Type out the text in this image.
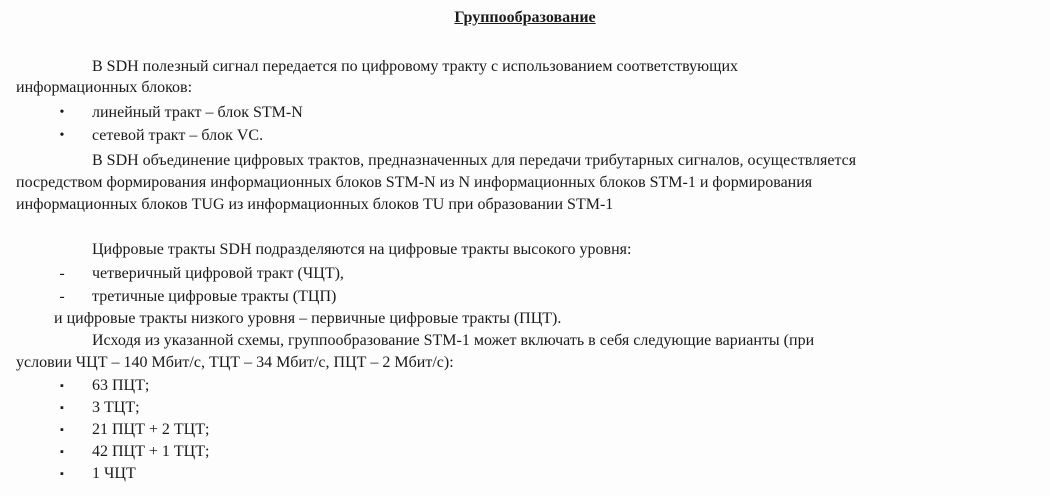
Группообразование
В SDH полезный сигнал передается по цифровому тракту с использованием соответствующих
информационных блоков:
• линейный тракт – блок STM-N
• сетевой тракт – блок VC.
В SDH объединение цифровых трактов, предназначенных для передачи трибутарных сигналов, осуществляется
посредством формирования информационных блоков STM-N из N информационных блоков STM-1 и формирования
информационных блоков TUG из информационных блоков TU при образовании STM-1
Цифровые тракты SDH подразделяются на цифровые тракты высокого уровня:
- четверичный цифровой тракт (ЧЦТ),
- третичные цифровые тракты (ТЦП)
и цифровые тракты низкого уровня – первичные цифровые тракты (ПЦТ).
Исходя из указанной схемы, группообразование STM-1 может включать в себя следующие варианты (при
условии ЧЦТ – 140 Мбит/с, ТЦТ – 34 Мбит/с, ПЦТ – 2 Мбит/с):
▪	63 ПЦТ;
▪	3 ТЦТ;
▪	21 ПЦТ + 2 ТЦТ;
▪	42 ПЦТ + 1 ТЦТ;
▪	1 ЧЦТ
